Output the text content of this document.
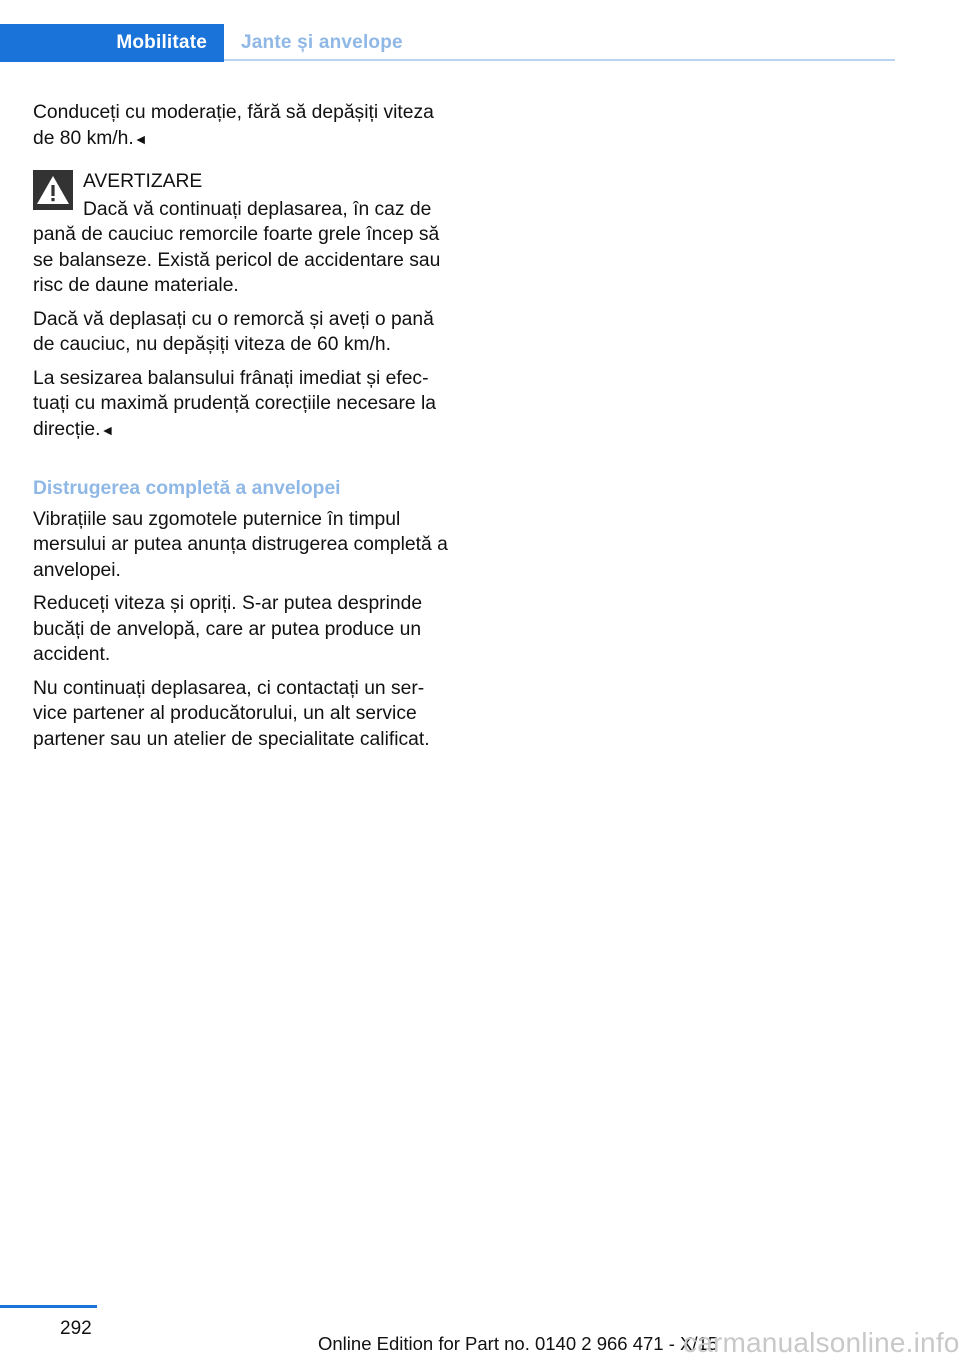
Mobilitate Jante și anvelope

Conduceți cu moderație, fără să depășiți viteza de 80 km/h.◄

AVERTIZARE

Dacă vă continuați deplasarea, în caz de pană de cauciuc remorcile foarte grele încep să se balanseze. Există pericol de accidentare sau risc de daune materiale.

Dacă vă deplasați cu o remorcă și aveți o pană de cauciuc, nu depășiți viteza de 60 km/h.

La sesizarea balansului frânați imediat și efectuați cu maximă prudență corecțiile necesare la direcție.◄

Distrugerea completă a anvelopei

Vibrațiile sau zgomotele puternice în timpul mersului ar putea anunța distrugerea completă a anvelopei.

Reduceți viteza și opriți. S-ar putea desprinde bucăți de anvelopă, care ar putea produce un accident.

Nu continuați deplasarea, ci contactați un service partener al producătorului, un alt service partener sau un atelier de specialitate calificat.

292
Online Edition for Part no. 0140 2 966 471 - X/15
carmanualsonline.info
